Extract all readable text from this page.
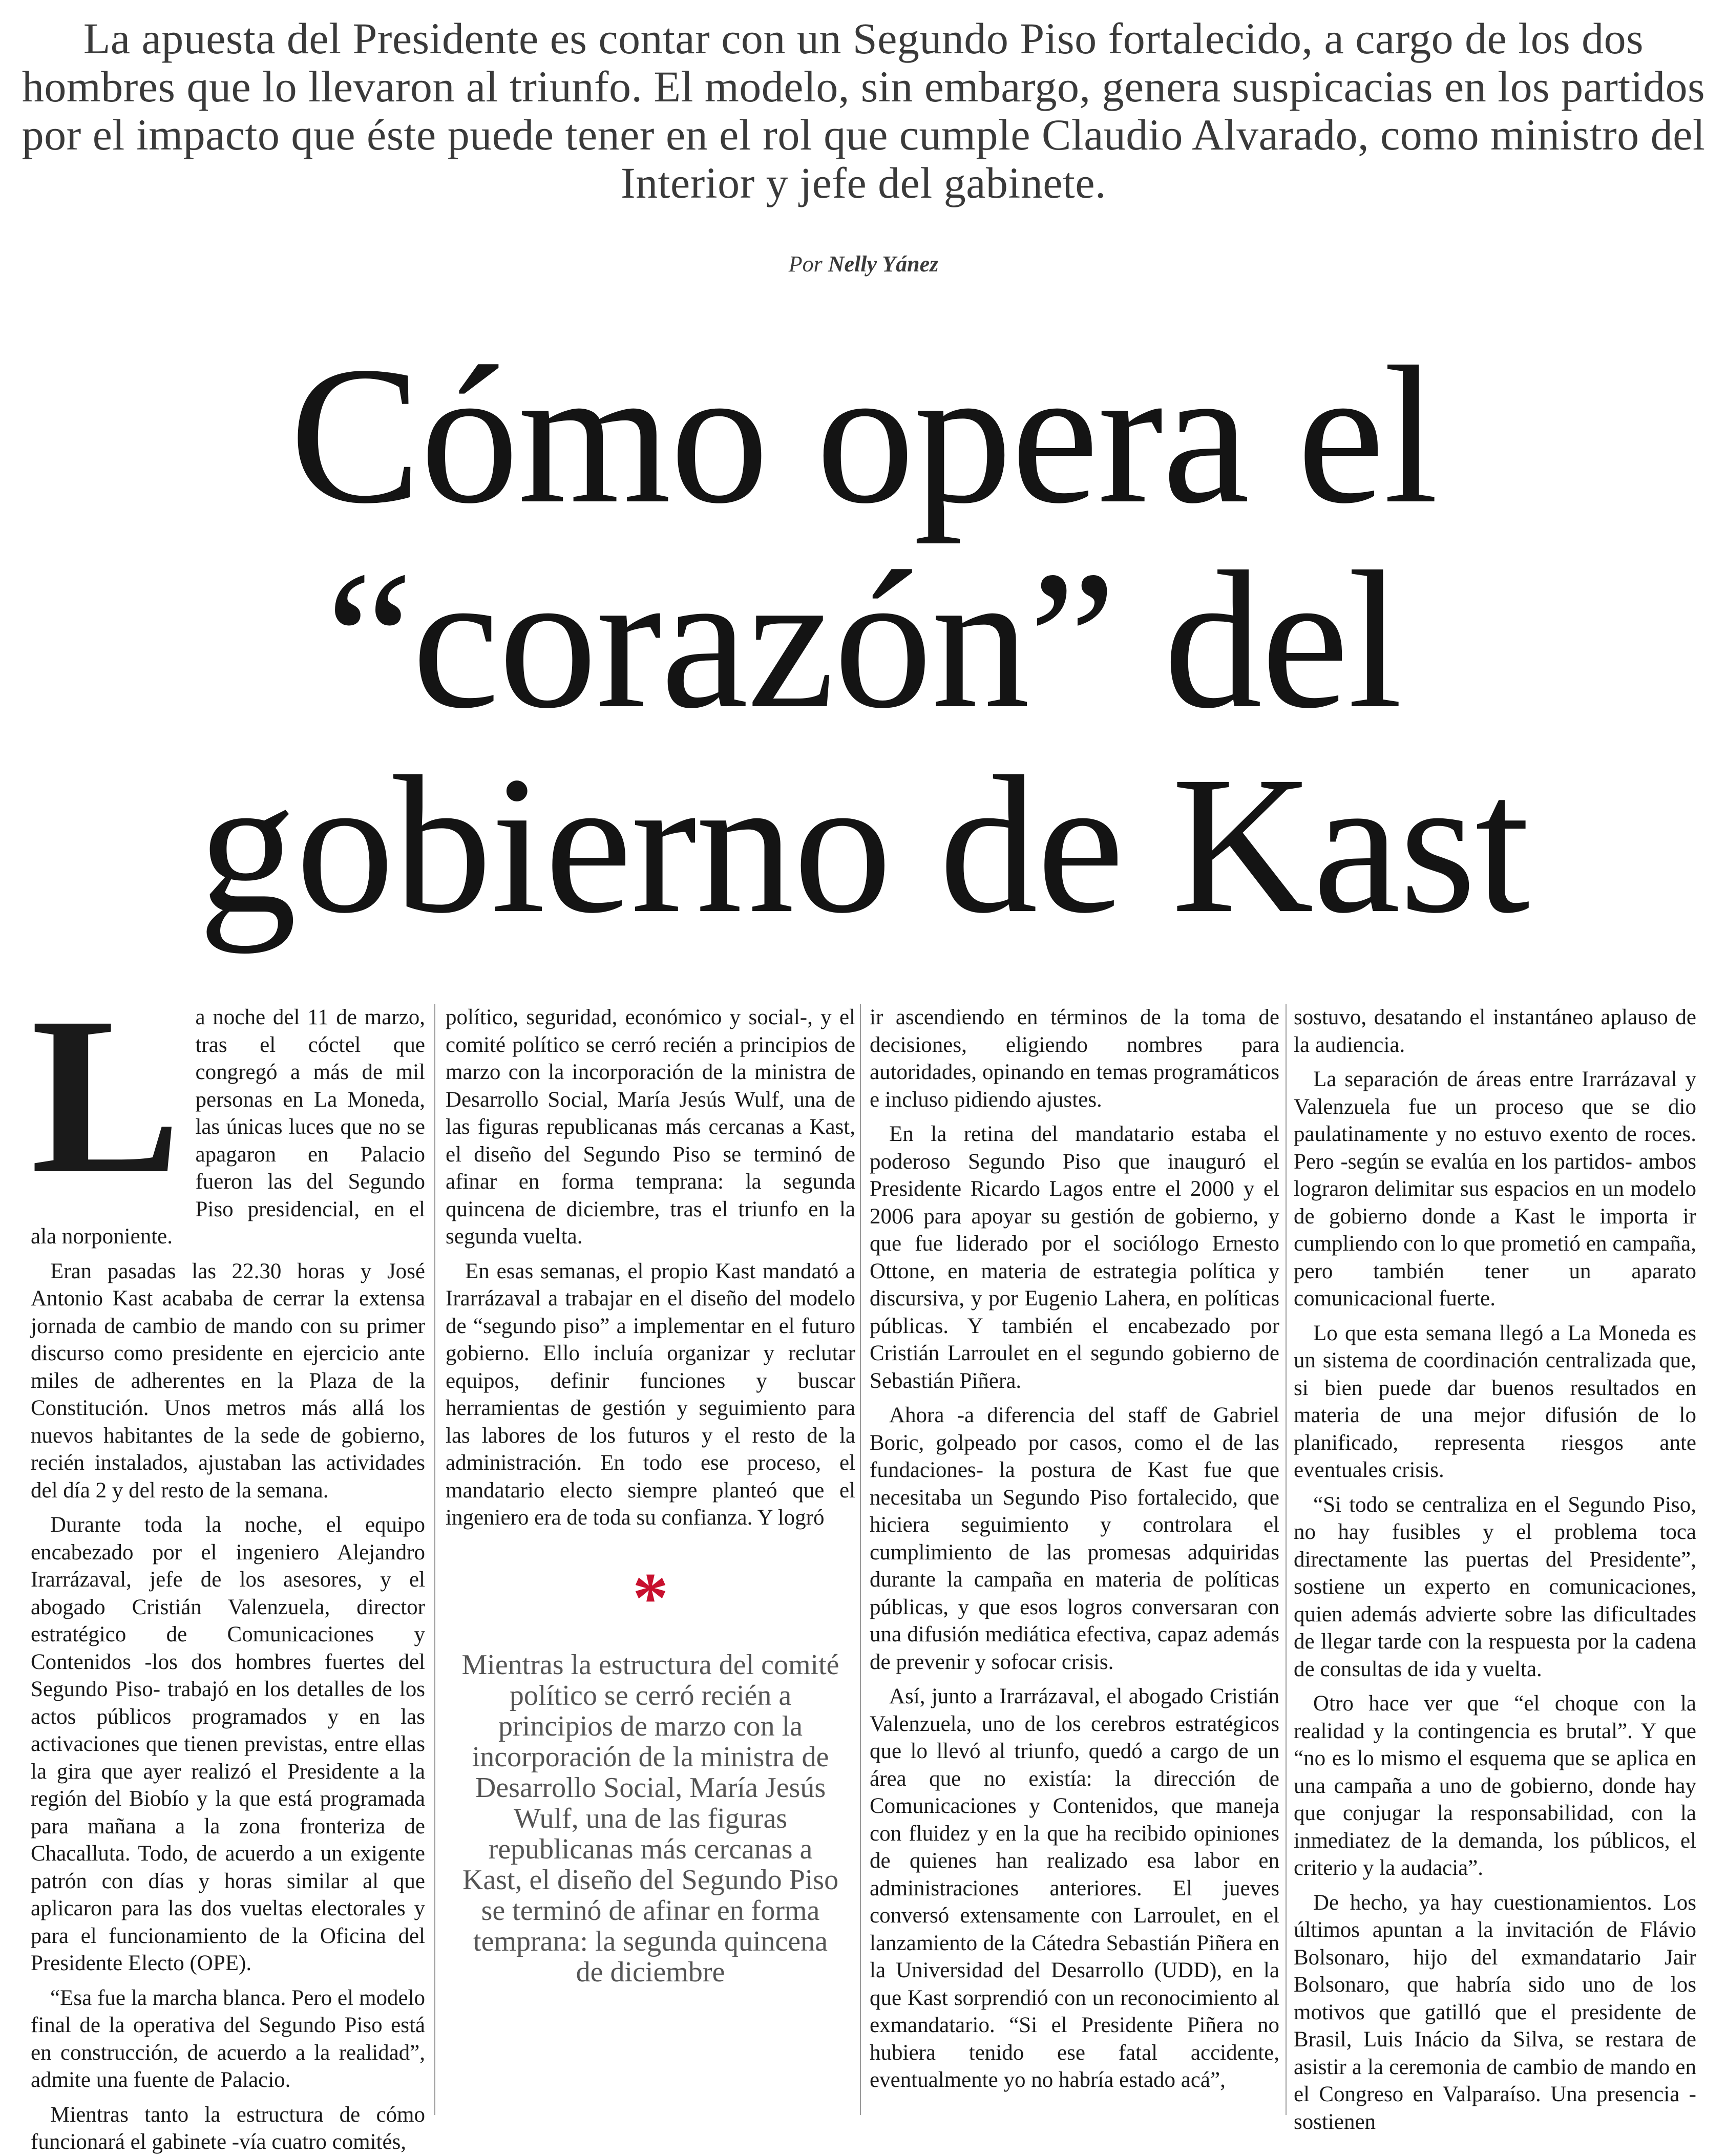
La apuesta del Presidente es contar con un Segundo Piso fortalecido, a cargo de los dos hombres que lo llevaron al triunfo. El modelo, sin embargo, genera suspicacias en los partidos por el impacto que éste puede tener en el rol que cumple Claudio Alvarado, como ministro del Interior y jefe del gabinete.

Por Nelly Yánez
Cómo opera el
“corazón” del
gobierno de Kast
L a noche del 11 de marzo, tras el cóctel que congregó a más de mil personas en La Moneda, las únicas luces que no se apagaron en Palacio fueron las del Segundo Piso presidencial, en el ala norponiente.

Eran pasadas las 22.30 horas y José Antonio Kast acababa de cerrar la extensa jornada de cambio de mando con su primer discurso como presidente en ejercicio ante miles de adherentes en la Plaza de la Constitución. Unos metros más allá los nuevos habitantes de la sede de gobierno, recién instalados, ajustaban las actividades del día 2 y del resto de la semana.

Durante toda la noche, el equipo encabezado por el ingeniero Alejandro Irarrázaval, jefe de los asesores, y el abogado Cristián Valenzuela, director estratégico de Comunicaciones y Contenidos -los dos hombres fuertes del Segundo Piso- trabajó en los detalles de los actos públicos programados y en las activaciones que tienen previstas, entre ellas la gira que ayer realizó el Presidente a la región del Biobío y la que está programada para mañana a la zona fronteriza de Chacalluta. Todo, de acuerdo a un exigente patrón con días y horas similar al que aplicaron para las dos vueltas electorales y para el funcionamiento de la Oficina del Presidente Electo (OPE).

“Esa fue la marcha blanca. Pero el modelo final de la operativa del Segundo Piso está en construcción, de acuerdo a la realidad”, admite una fuente de Palacio.

Mientras tanto la estructura de cómo funcionará el gabinete -vía cuatro comités,

político, seguridad, económico y social-, y el comité político se cerró recién a principios de marzo con la incorporación de la ministra de Desarrollo Social, María Jesús Wulf, una de las figuras republicanas más cercanas a Kast, el diseño del Segundo Piso se terminó de afinar en forma temprana: la segunda quincena de diciembre, tras el triunfo en la segunda vuelta.

En esas semanas, el propio Kast mandató a Irarrázaval a trabajar en el diseño del modelo de “segundo piso” a implementar en el futuro gobierno. Ello incluía organizar y reclutar equipos, definir funciones y buscar herramientas de gestión y seguimiento para las labores de los futuros y el resto de la administración. En todo ese proceso, el mandatario electo siempre planteó que el ingeniero era de toda su confianza. Y logró

*
Mientras la estructura del comité político se cerró recién a principios de marzo con la incorporación de la ministra de Desarrollo Social, María Jesús Wulf, una de las figuras republicanas más cercanas a Kast, el diseño del Segundo Piso se terminó de afinar en forma temprana: la segunda quincena de diciembre

ir ascendiendo en términos de la toma de decisiones, eligiendo nombres para autoridades, opinando en temas programáticos e incluso pidiendo ajustes.

En la retina del mandatario estaba el poderoso Segundo Piso que inauguró el Presidente Ricardo Lagos entre el 2000 y el 2006 para apoyar su gestión de gobierno, y que fue liderado por el sociólogo Ernesto Ottone, en materia de estrategia política y discursiva, y por Eugenio Lahera, en políticas públicas. Y también el encabezado por Cristián Larroulet en el segundo gobierno de Sebastián Piñera.

Ahora -a diferencia del staff de Gabriel Boric, golpeado por casos, como el de las fundaciones- la postura de Kast fue que necesitaba un Segundo Piso fortalecido, que hiciera seguimiento y controlara el cumplimiento de las promesas adquiridas durante la campaña en materia de políticas públicas, y que esos logros conversaran con una difusión mediática efectiva, capaz además de prevenir y sofocar crisis.

Así, junto a Irarrázaval, el abogado Cristián Valenzuela, uno de los cerebros estratégicos que lo llevó al triunfo, quedó a cargo de un área que no existía: la dirección de Comunicaciones y Contenidos, que maneja con fluidez y en la que ha recibido opiniones de quienes han realizado esa labor en administraciones anteriores. El jueves conversó extensamente con Larroulet, en el lanzamiento de la Cátedra Sebastián Piñera en la Universidad del Desarrollo (UDD), en la que Kast sorprendió con un reconocimiento al exmandatario. “Si el Presidente Piñera no hubiera tenido ese fatal accidente, eventualmente yo no habría estado acá”,

sostuvo, desatando el instantáneo aplauso de la audiencia.

La separación de áreas entre Irarrázaval y Valenzuela fue un proceso que se dio paulatinamente y no estuvo exento de roces. Pero -según se evalúa en los partidos- ambos lograron delimitar sus espacios en un modelo de gobierno donde a Kast le importa ir cumpliendo con lo que prometió en campaña, pero también tener un aparato comunicacional fuerte.

Lo que esta semana llegó a La Moneda es un sistema de coordinación centralizada que, si bien puede dar buenos resultados en materia de una mejor difusión de lo planificado, representa riesgos ante eventuales crisis.

“Si todo se centraliza en el Segundo Piso, no hay fusibles y el problema toca directamente las puertas del Presidente”, sostiene un experto en comunicaciones, quien además advierte sobre las dificultades de llegar tarde con la respuesta por la cadena de consultas de ida y vuelta.

Otro hace ver que “el choque con la realidad y la contingencia es brutal”. Y que “no es lo mismo el esquema que se aplica en una campaña a uno de gobierno, donde hay que conjugar la responsabilidad, con la inmediatez de la demanda, los públicos, el criterio y la audacia”.

De hecho, ya hay cuestionamientos. Los últimos apuntan a la invitación de Flávio Bolsonaro, hijo del exmandatario Jair Bolsonaro, que habría sido uno de los motivos que gatilló que el presidente de Brasil, Luis Inácio da Silva, se restara de asistir a la ceremonia de cambio de mando en el Congreso en Valparaíso. Una presencia -sostienen
